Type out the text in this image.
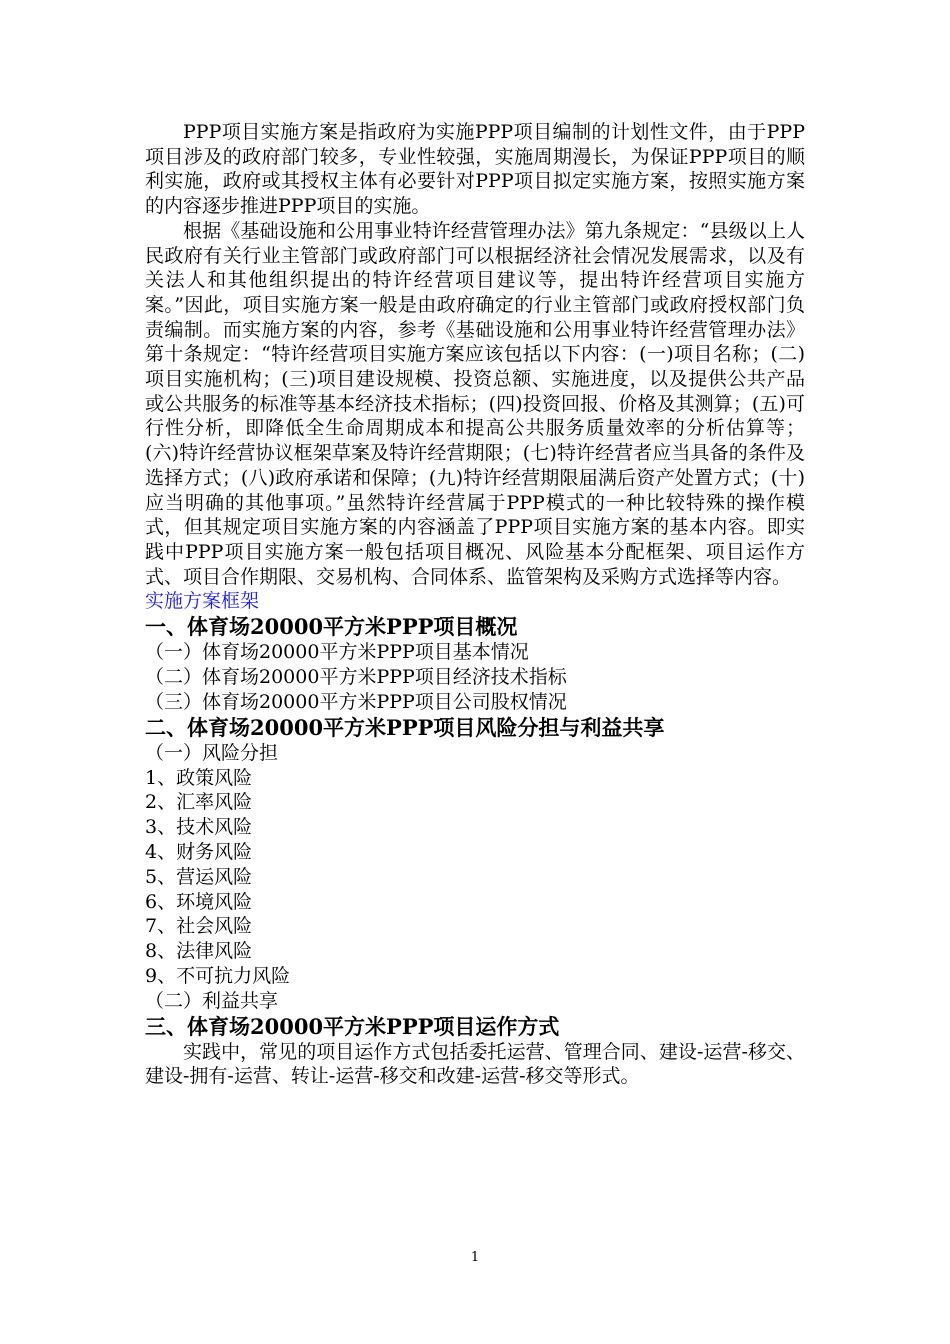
PPP项目实施方案是指政府为实施PPP项目编制的计划性文件，由于PPP项目涉及的政府部门较多，专业性较强，实施周期漫长，为保证PPP项目的顺利实施，政府或其授权主体有必要针对PPP项目拟定实施方案，按照实施方案的内容逐步推进PPP项目的实施。

根据《基础设施和公用事业特许经营管理办法》第九条规定：“县级以上人民政府有关行业主管部门或政府部门可以根据经济社会情况发展需求，以及有关法人和其他组织提出的特许经营项目建议等，提出特许经营项目实施方案。”因此，项目实施方案一般是由政府确定的行业主管部门或政府授权部门负责编制。而实施方案的内容，参考《基础设施和公用事业特许经营管理办法》第十条规定：“特许经营项目实施方案应该包括以下内容：(一)项目名称；(二)项目实施机构；(三)项目建设规模、投资总额、实施进度，以及提供公共产品或公共服务的标准等基本经济技术指标；(四)投资回报、价格及其测算；(五)可行性分析，即降低全生命周期成本和提高公共服务质量效率的分析估算等；(六)特许经营协议框架草案及特许经营期限；(七)特许经营者应当具备的条件及选择方式；(八)政府承诺和保障；(九)特许经营期限届满后资产处置方式；(十)应当明确的其他事项。”虽然特许经营属于PPP模式的一种比较特殊的操作模式，但其规定项目实施方案的内容涵盖了PPP项目实施方案的基本内容。即实践中PPP项目实施方案一般包括项目概况、风险基本分配框架、项目运作方式、项目合作期限、交易机构、合同体系、监管架构及采购方式选择等内容。

实施方案框架

一、体育场20000平方米PPP项目概况

（一）体育场20000平方米PPP项目基本情况

（二）体育场20000平方米PPP项目经济技术指标

（三）体育场20000平方米PPP项目公司股权情况

二、体育场20000平方米PPP项目风险分担与利益共享

（一）风险分担

1、政策风险

2、汇率风险

3、技术风险

4、财务风险

5、营运风险

6、环境风险

7、社会风险

8、法律风险

9、不可抗力风险

（二）利益共享

三、体育场20000平方米PPP项目运作方式

实践中，常见的项目运作方式包括委托运营、管理合同、建设-运营-移交、建设-拥有-运营、转让-运营-移交和改建-运营-移交等形式。

1
